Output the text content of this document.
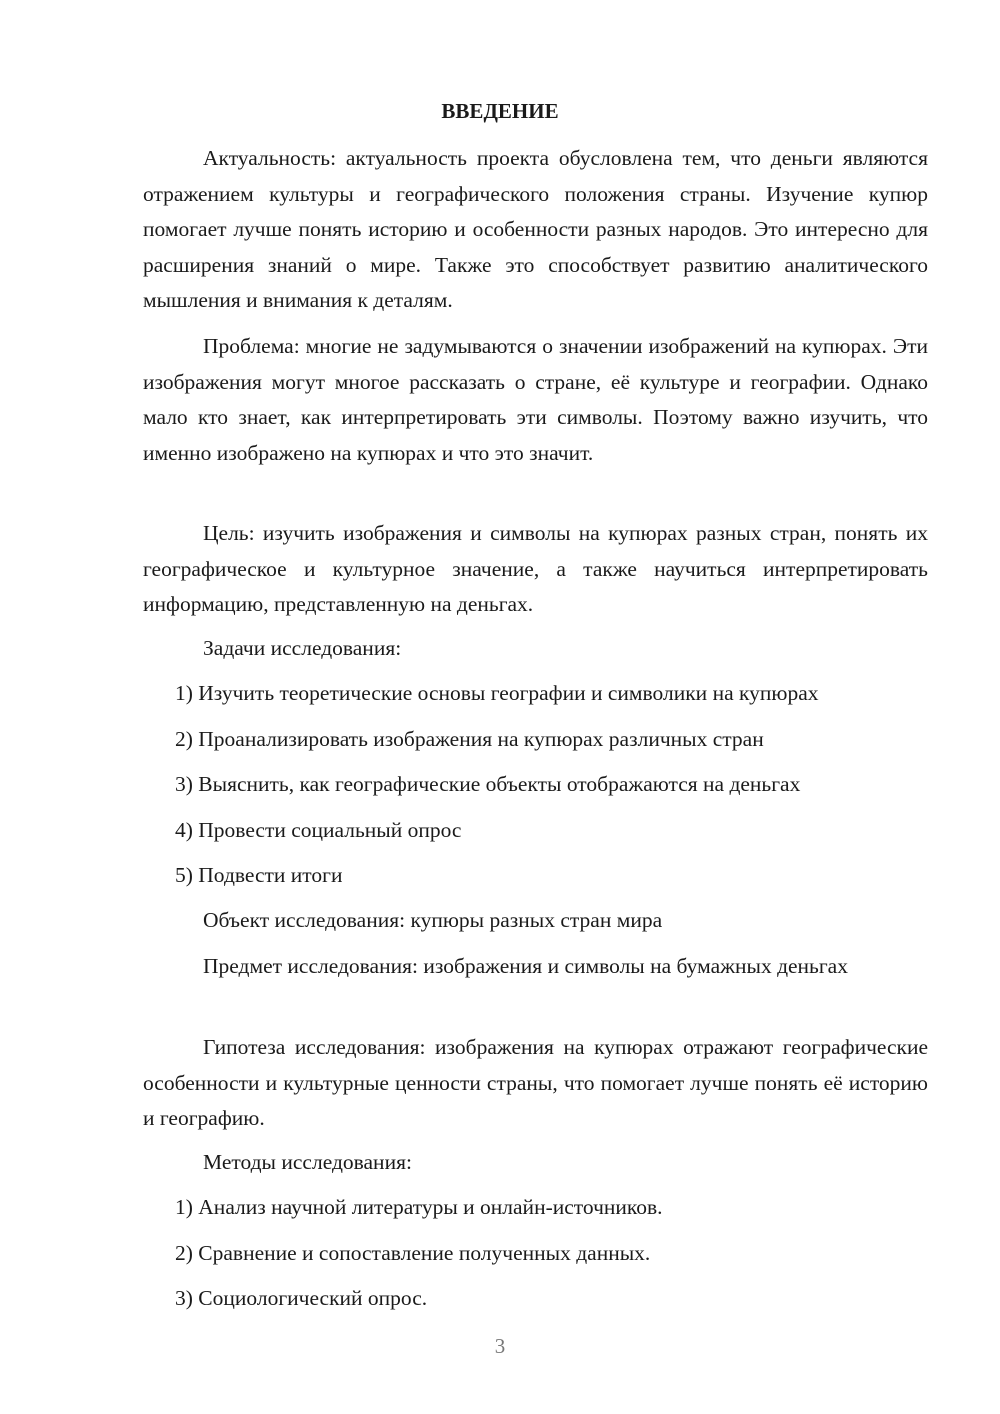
ВВЕДЕНИЕ

Актуальность: актуальность проекта обусловлена тем, что деньги являются отражением культуры и географического положения страны. Изучение купюр помогает лучше понять историю и особенности разных народов. Это интересно для расширения знаний о мире. Также это способствует развитию аналитического мышления и внимания к деталям.

Проблема: многие не задумываются о значении изображений на купюрах. Эти изображения могут многое рассказать о стране, её культуре и географии. Однако мало кто знает, как интерпретировать эти символы. Поэтому важно изучить, что именно изображено на купюрах и что это значит.

Цель: изучить изображения и символы на купюрах разных стран, понять их географическое и культурное значение, а также научиться интерпретировать информацию, представленную на деньгах.

Задачи исследования:

1) Изучить теоретические основы географии и символики на купюрах

2) Проанализировать изображения на купюрах различных стран

3) Выяснить, как географические объекты отображаются на деньгах

4) Провести социальный опрос

5) Подвести итоги

Объект исследования: купюры разных стран мира

Предмет исследования: изображения и символы на бумажных деньгах

Гипотеза исследования: изображения на купюрах отражают географические особенности и культурные ценности страны, что помогает лучше понять её историю и географию.

Методы исследования:

1) Анализ научной литературы и онлайн-источников.

2) Сравнение и сопоставление полученных данных.

3) Социологический опрос.

3
